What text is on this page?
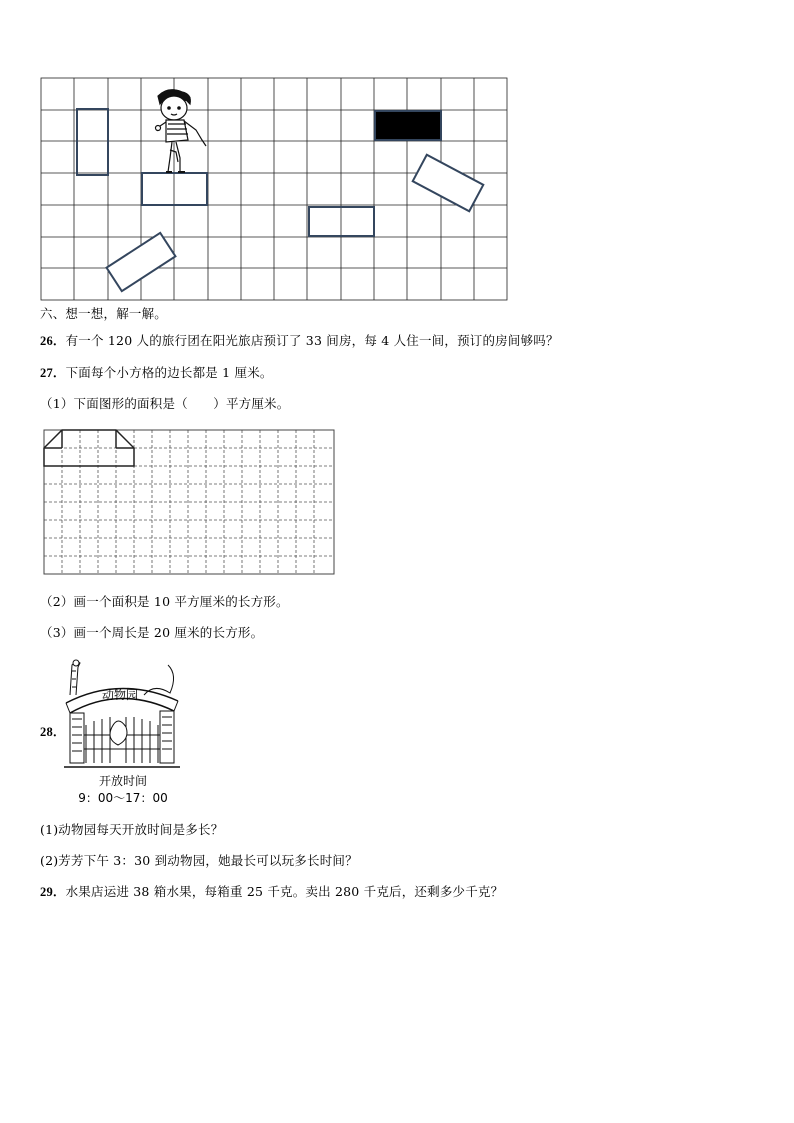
六、想一想，解一解。
26．有一个 120 人的旅行团在阳光旅店预订了 33 间房，每 4 人住一间，预订的房间够吗？
27．下面每个小方格的边长都是 1 厘米。
（1）下面图形的面积是（　　）平方厘米。
（2）画一个面积是 10 平方厘米的长方形。
（3）画一个周长是 20 厘米的长方形。
28．
动物园
开放时间
9：00～17：00
(1)动物园每天开放时间是多长？
(2)芳芳下午 3：30 到动物园，她最长可以玩多长时间？
29．水果店运进 38 箱水果，每箱重 25 千克。卖出 280 千克后，还剩多少千克？
